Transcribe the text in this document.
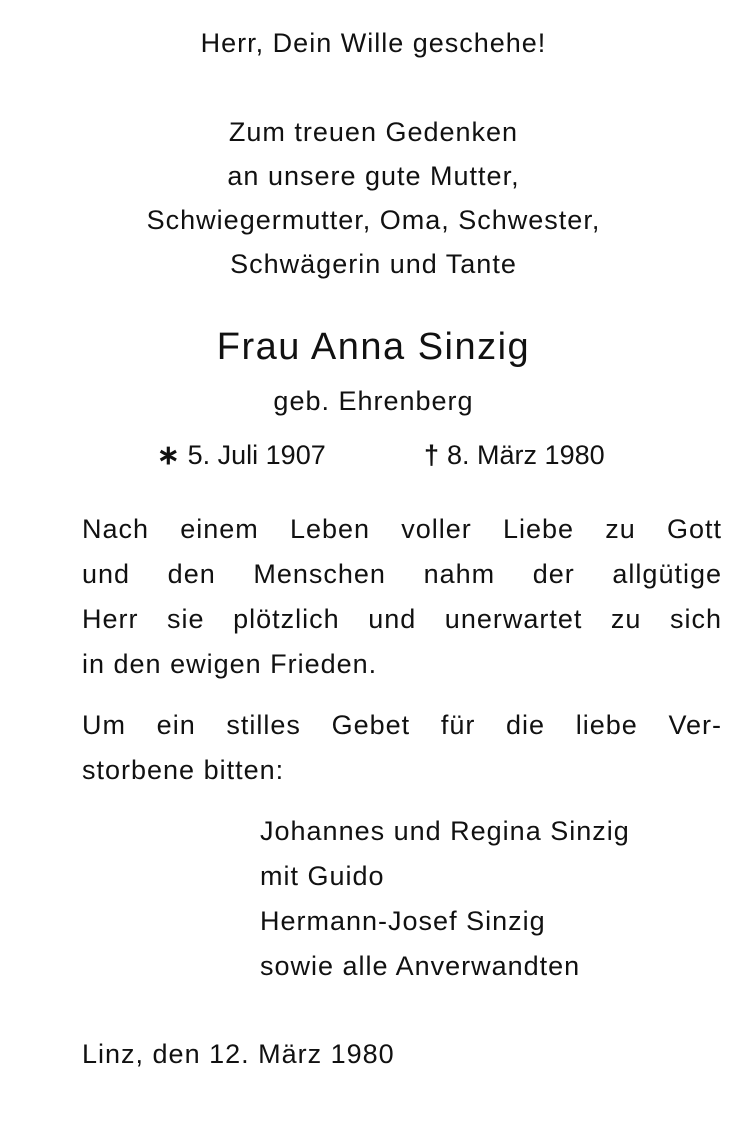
Herr, Dein Wille geschehe!
Zum treuen Gedenken
an unsere gute Mutter,
Schwiegermutter, Oma, Schwester,
Schwägerin und Tante
Frau Anna Sinzig
geb. Ehrenberg
∗ 5. Juli 1907	† 8. März 1980
Nach einem Leben voller Liebe zu Gott
und den Menschen nahm der allgütige
Herr sie plötzlich und unerwartet zu sich
in den ewigen Frieden.
Um ein stilles Gebet für die liebe Ver-
storbene bitten:
Johannes und Regina Sinzig
mit Guido
Hermann-Josef Sinzig
sowie alle Anverwandten
Linz, den 12. März 1980
